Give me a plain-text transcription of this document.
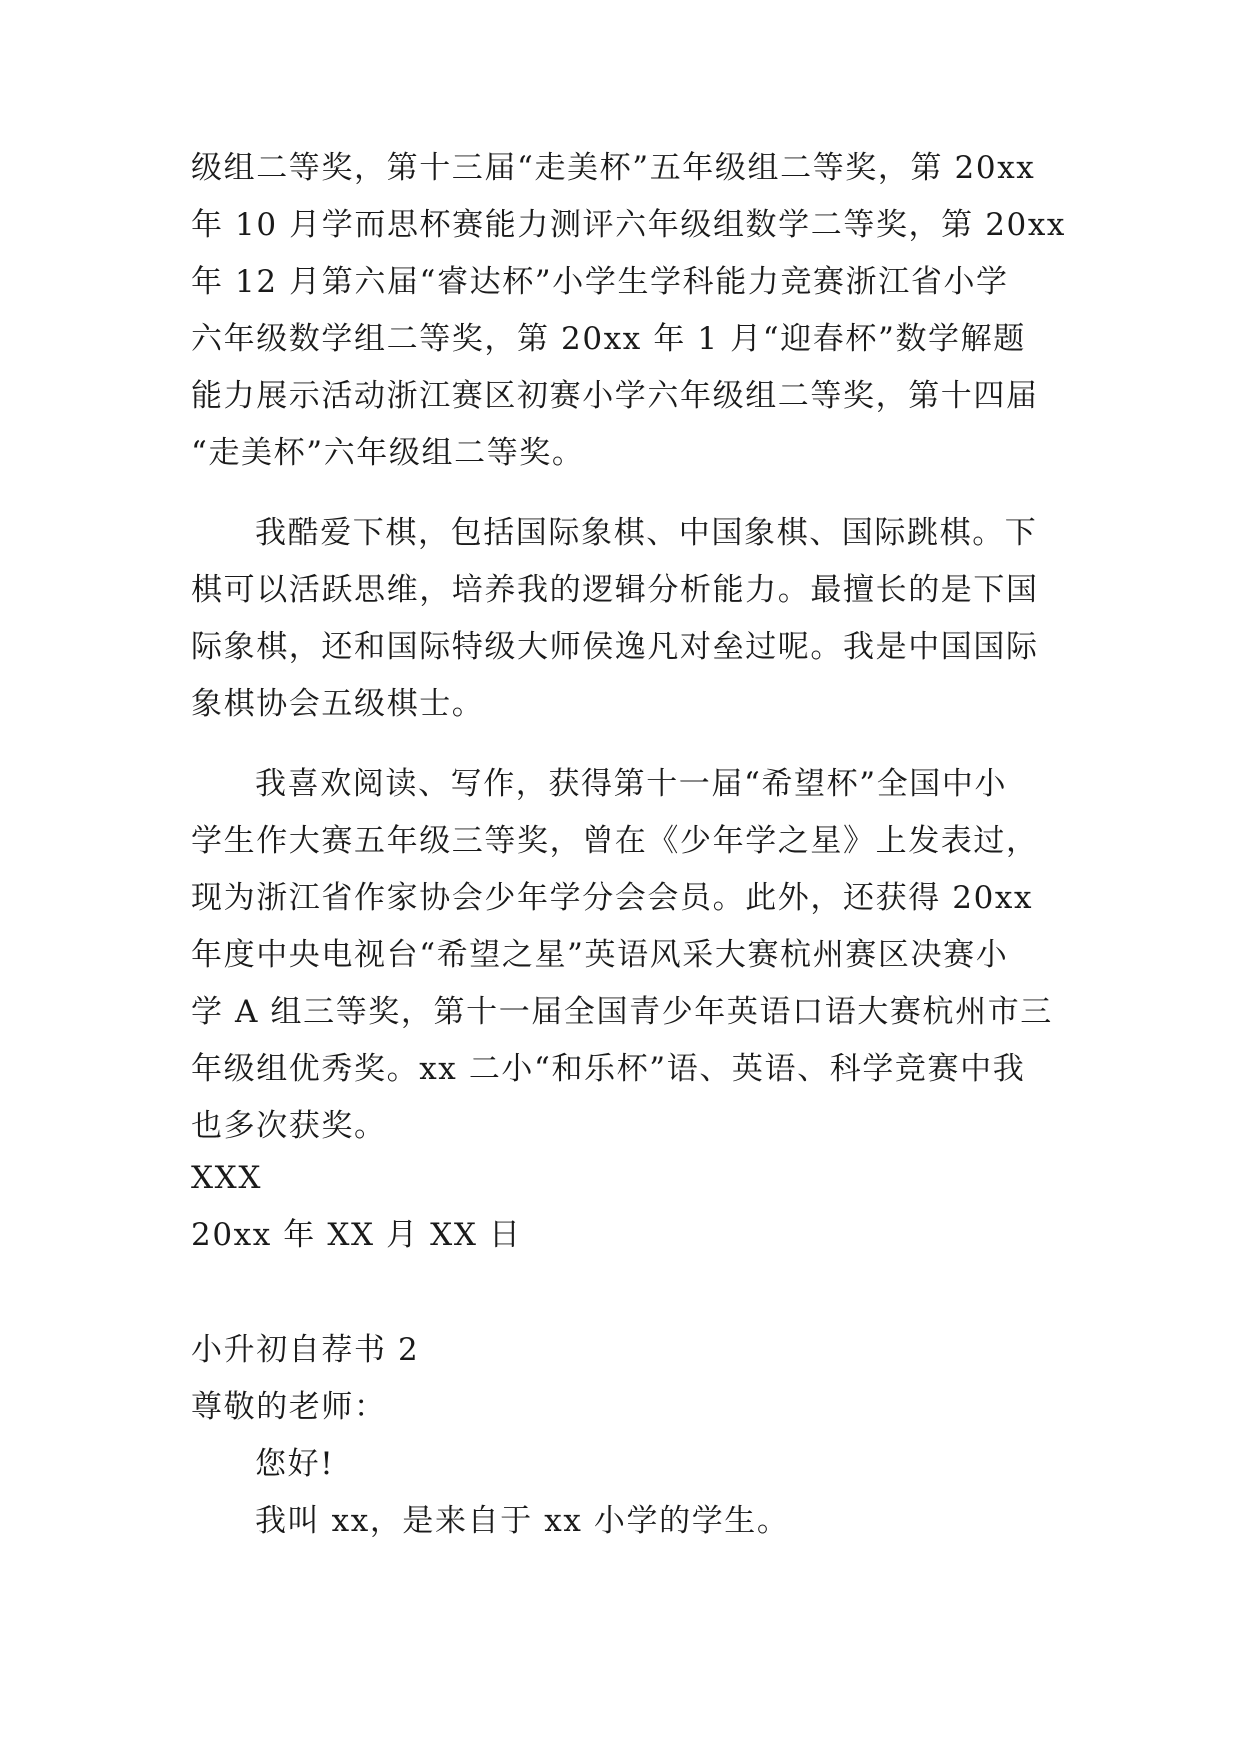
级组二等奖，第十三届“走美杯”五年级组二等奖，第 20xx
年 10 月学而思杯赛能力测评六年级组数学二等奖，第 20xx
年 12 月第六届“睿达杯”小学生学科能力竞赛浙江省小学
六年级数学组二等奖，第 20xx 年 1 月“迎春杯”数学解题
能力展示活动浙江赛区初赛小学六年级组二等奖，第十四届
“走美杯”六年级组二等奖。
我酷爱下棋，包括国际象棋、中国象棋、国际跳棋。下
棋可以活跃思维，培养我的逻辑分析能力。最擅长的是下国
际象棋，还和国际特级大师侯逸凡对垒过呢。我是中国国际
象棋协会五级棋士。
我喜欢阅读、写作，获得第十一届“希望杯”全国中小
学生作大赛五年级三等奖，曾在《少年学之星》上发表过，
现为浙江省作家协会少年学分会会员。此外，还获得 20xx
年度中央电视台“希望之星”英语风采大赛杭州赛区决赛小
学 A 组三等奖，第十一届全国青少年英语口语大赛杭州市三
年级组优秀奖。xx 二小“和乐杯”语、英语、科学竞赛中我
也多次获奖。
XXX
20xx 年 XX 月 XX 日
小升初自荐书 2
尊敬的老师：
您好!
我叫 xx，是来自于 xx 小学的学生。
